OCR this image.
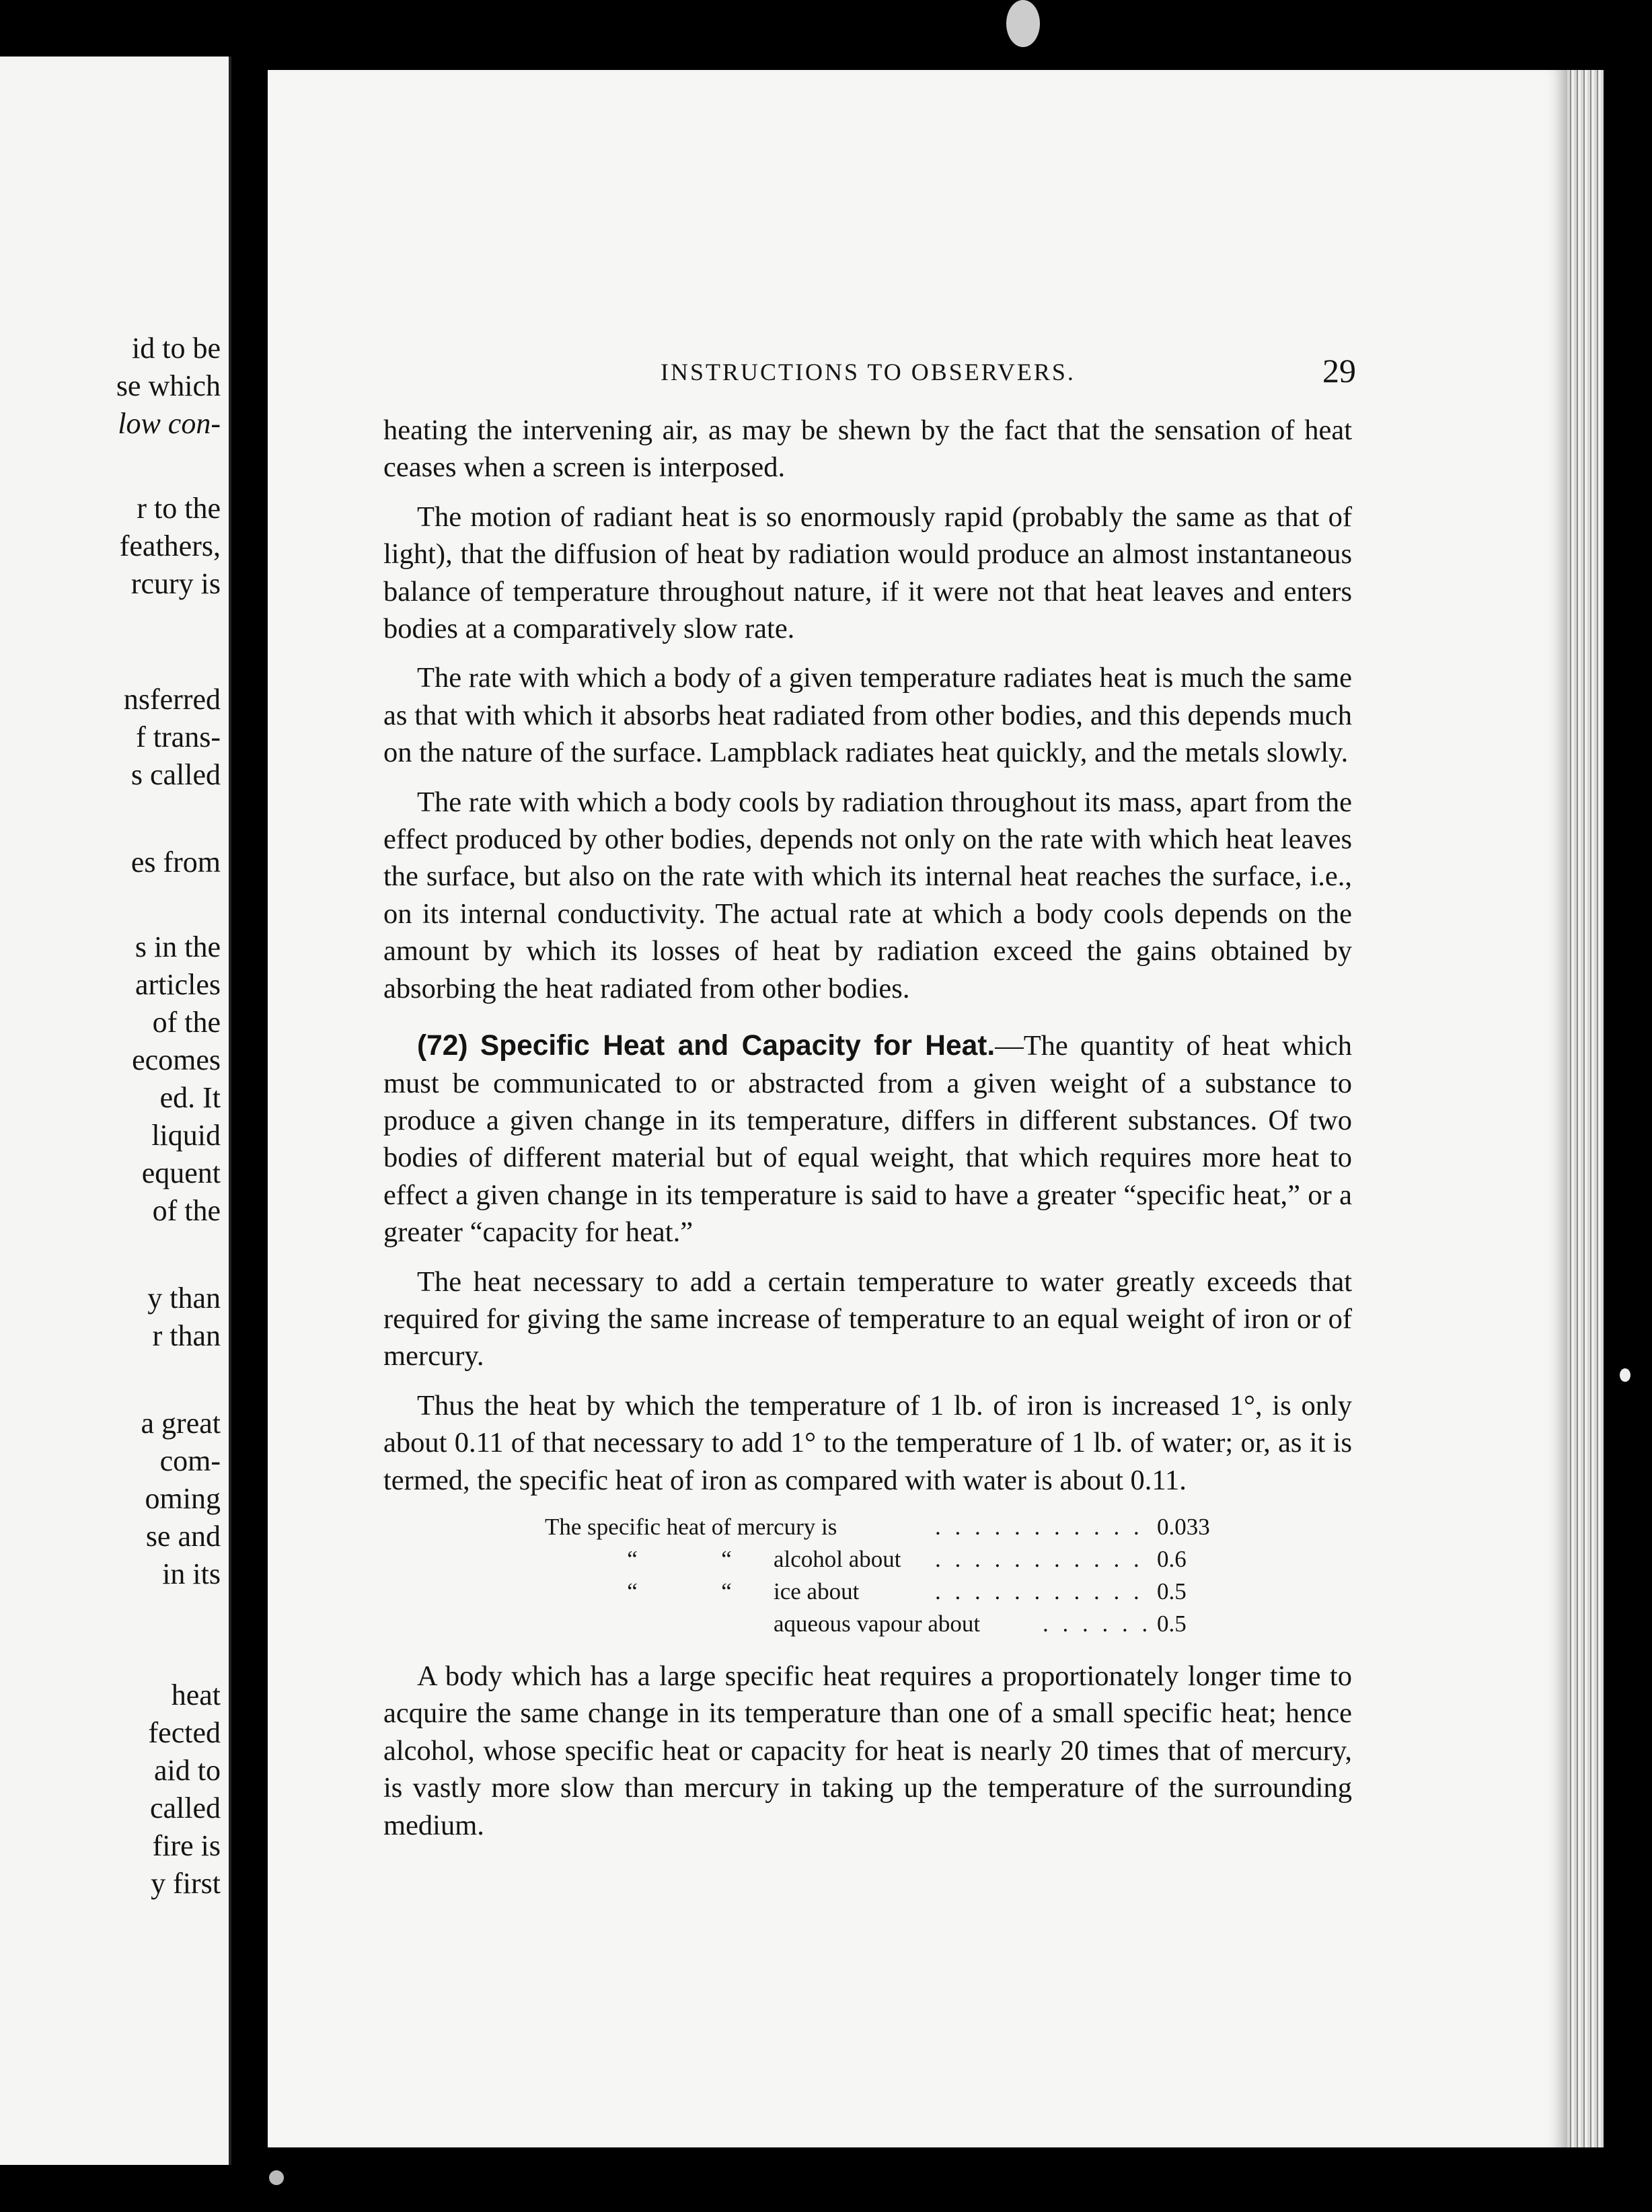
id to be
se which
low con-
r to the
feathers,
rcury is
nsferred
f trans-
s called
es from
s in the
articles
of the
ecomes
ed. It
liquid
equent
of the
y than
r than
a great
com-
oming
se and
in its
heat
fected
aid to
called
fire is
y first
INSTRUCTIONS TO OBSERVERS.	29

heating the intervening air, as may be shewn by the fact that the sensation of heat ceases when a screen is interposed.

The motion of radiant heat is so enormously rapid (probably the same as that of light), that the diffusion of heat by radiation would produce an almost instantaneous balance of temperature throughout nature, if it were not that heat leaves and enters bodies at a comparatively slow rate.

The rate with which a body of a given temperature radiates heat is much the same as that with which it absorbs heat radiated from other bodies, and this depends much on the nature of the surface. Lampblack radiates heat quickly, and the metals slowly.

The rate with which a body cools by radiation throughout its mass, apart from the effect produced by other bodies, depends not only on the rate with which heat leaves the surface, but also on the rate with which its internal heat reaches the surface, i.e., on its internal conductivity. The actual rate at which a body cools depends on the amount by which its losses of heat by radiation exceed the gains obtained by absorbing the heat radiated from other bodies.

(72) Specific Heat and Capacity for Heat.—The quantity of heat which must be communicated to or abstracted from a given weight of a substance to produce a given change in its temperature, differs in different substances. Of two bodies of different material but of equal weight, that which requires more heat to effect a given change in its temperature is said to have a greater “specific heat,” or a greater “capacity for heat.”

The heat necessary to add a certain temperature to water greatly exceeds that required for giving the same increase of temperature to an equal weight of iron or of mercury.

Thus the heat by which the temperature of 1 lb. of iron is increased 1°, is only about 0.11 of that necessary to add 1° to the temperature of 1 lb. of water; or, as it is termed, the specific heat of iron as compared with water is about 0.11.

The specific heat of mercury is . . .	0.033
“	“	alcohol about . . .	0.6
“	“	ice about . . .	0.5
aqueous vapour about . . .	0.5

A body which has a large specific heat requires a proportionately longer time to acquire the same change in its temperature than one of a small specific heat; hence alcohol, whose specific heat or capacity for heat is nearly 20 times that of mercury, is vastly more slow than mercury in taking up the temperature of the surrounding medium.
